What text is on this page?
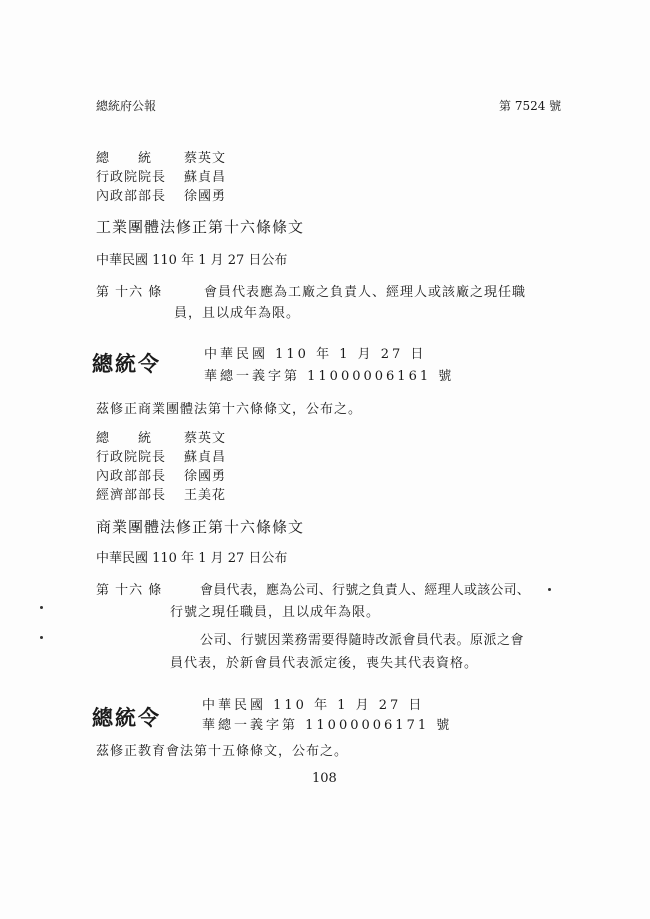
總統府公報	第 7524 號
總　　統 蔡英文
行政院院長 蘇貞昌
內政部部長 徐國勇
工業團體法修正第十六條條文
中華民國 110 年 1 月 27 日公布
第 十六 條	會員代表應為工廠之負責人、經理人或該廠之現任職
員，且以成年為限。
總統令	中華民國 110 年 1 月 27 日
華總一義字第 11000006161 號
茲修正商業團體法第十六條條文，公布之。
總　　統 蔡英文
行政院院長 蘇貞昌
內政部部長 徐國勇
經濟部部長 王美花
商業團體法修正第十六條條文
中華民國 110 年 1 月 27 日公布
第 十六 條	會員代表，應為公司、行號之負責人、經理人或該公司、
行號之現任職員，且以成年為限。
公司、行號因業務需要得隨時改派會員代表。原派之會
員代表，於新會員代表派定後，喪失其代表資格。
總統令	中華民國 110 年 1 月 27 日
華總一義字第 11000006171 號
茲修正教育會法第十五條條文，公布之。
108
